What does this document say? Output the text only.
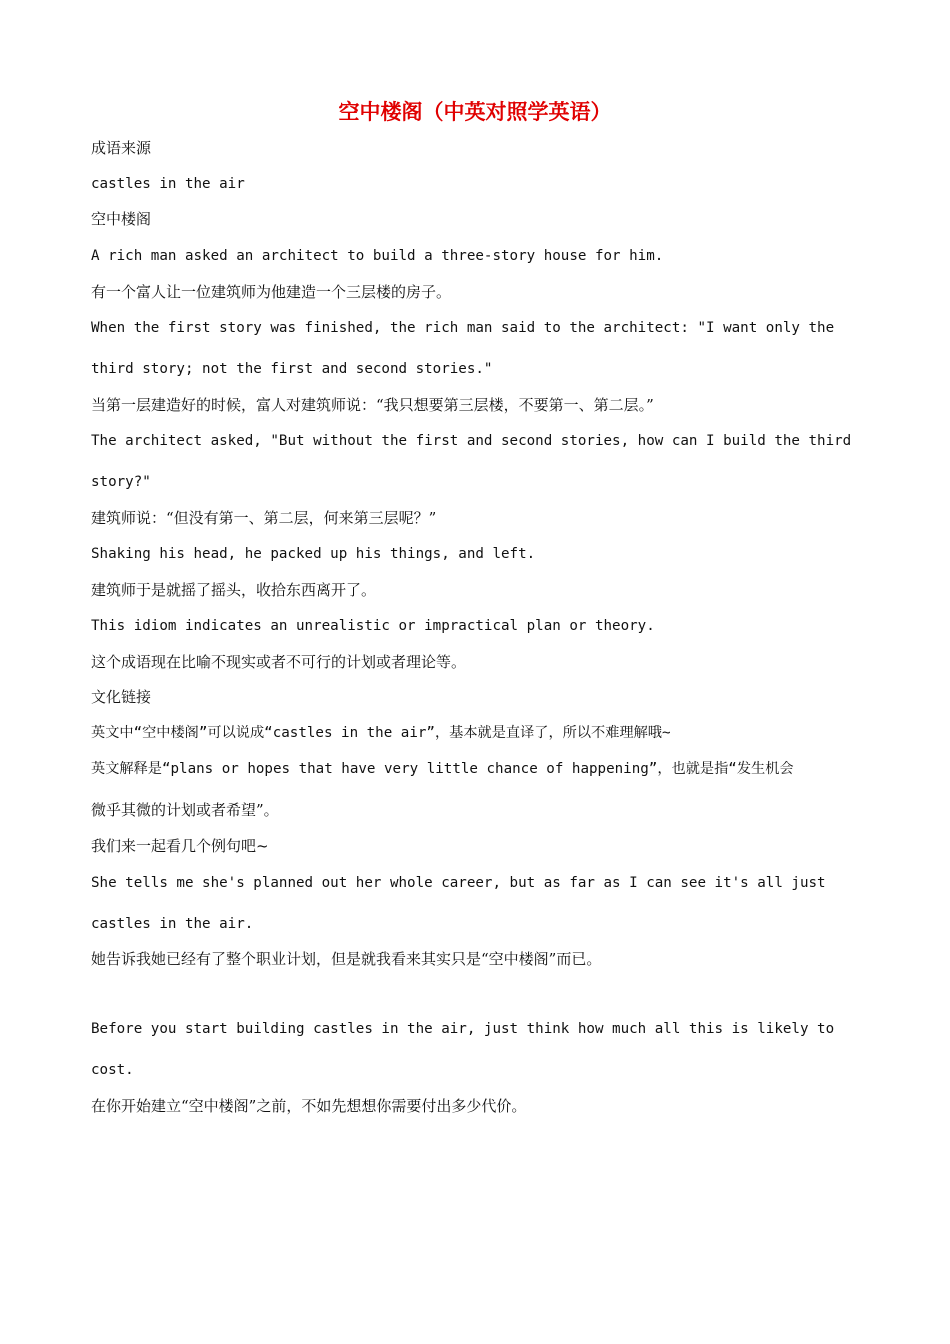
空中楼阁（中英对照学英语）
成语来源
castles in the air
空中楼阁
A rich man asked an architect to build a three-story house for him.
有一个富人让一位建筑师为他建造一个三层楼的房子。
When the first story was finished, the rich man said to the architect: "I want only the
third story; not the first and second stories."
当第一层建造好的时候，富人对建筑师说：“我只想要第三层楼，不要第一、第二层。”
The architect asked, "But without the first and second stories, how can I build the third
story?"
建筑师说：“但没有第一、第二层，何来第三层呢？”
Shaking his head, he packed up his things, and left.
建筑师于是就摇了摇头，收拾东西离开了。
This idiom indicates an unrealistic or impractical plan or theory.
这个成语现在比喻不现实或者不可行的计划或者理论等。
文化链接
英文中“空中楼阁”可以说成“castles in the air”，基本就是直译了，所以不难理解哦~
英文解释是“plans or hopes that have very little chance of happening”，也就是指“发生机会
微乎其微的计划或者希望”。
我们来一起看几个例句吧~
She tells me she's planned out her whole career, but as far as I can see it's all just
castles in the air.
她告诉我她已经有了整个职业计划，但是就我看来其实只是“空中楼阁”而已。
Before you start building castles in the air, just think how much all this is likely to
cost.
在你开始建立“空中楼阁”之前，不如先想想你需要付出多少代价。
